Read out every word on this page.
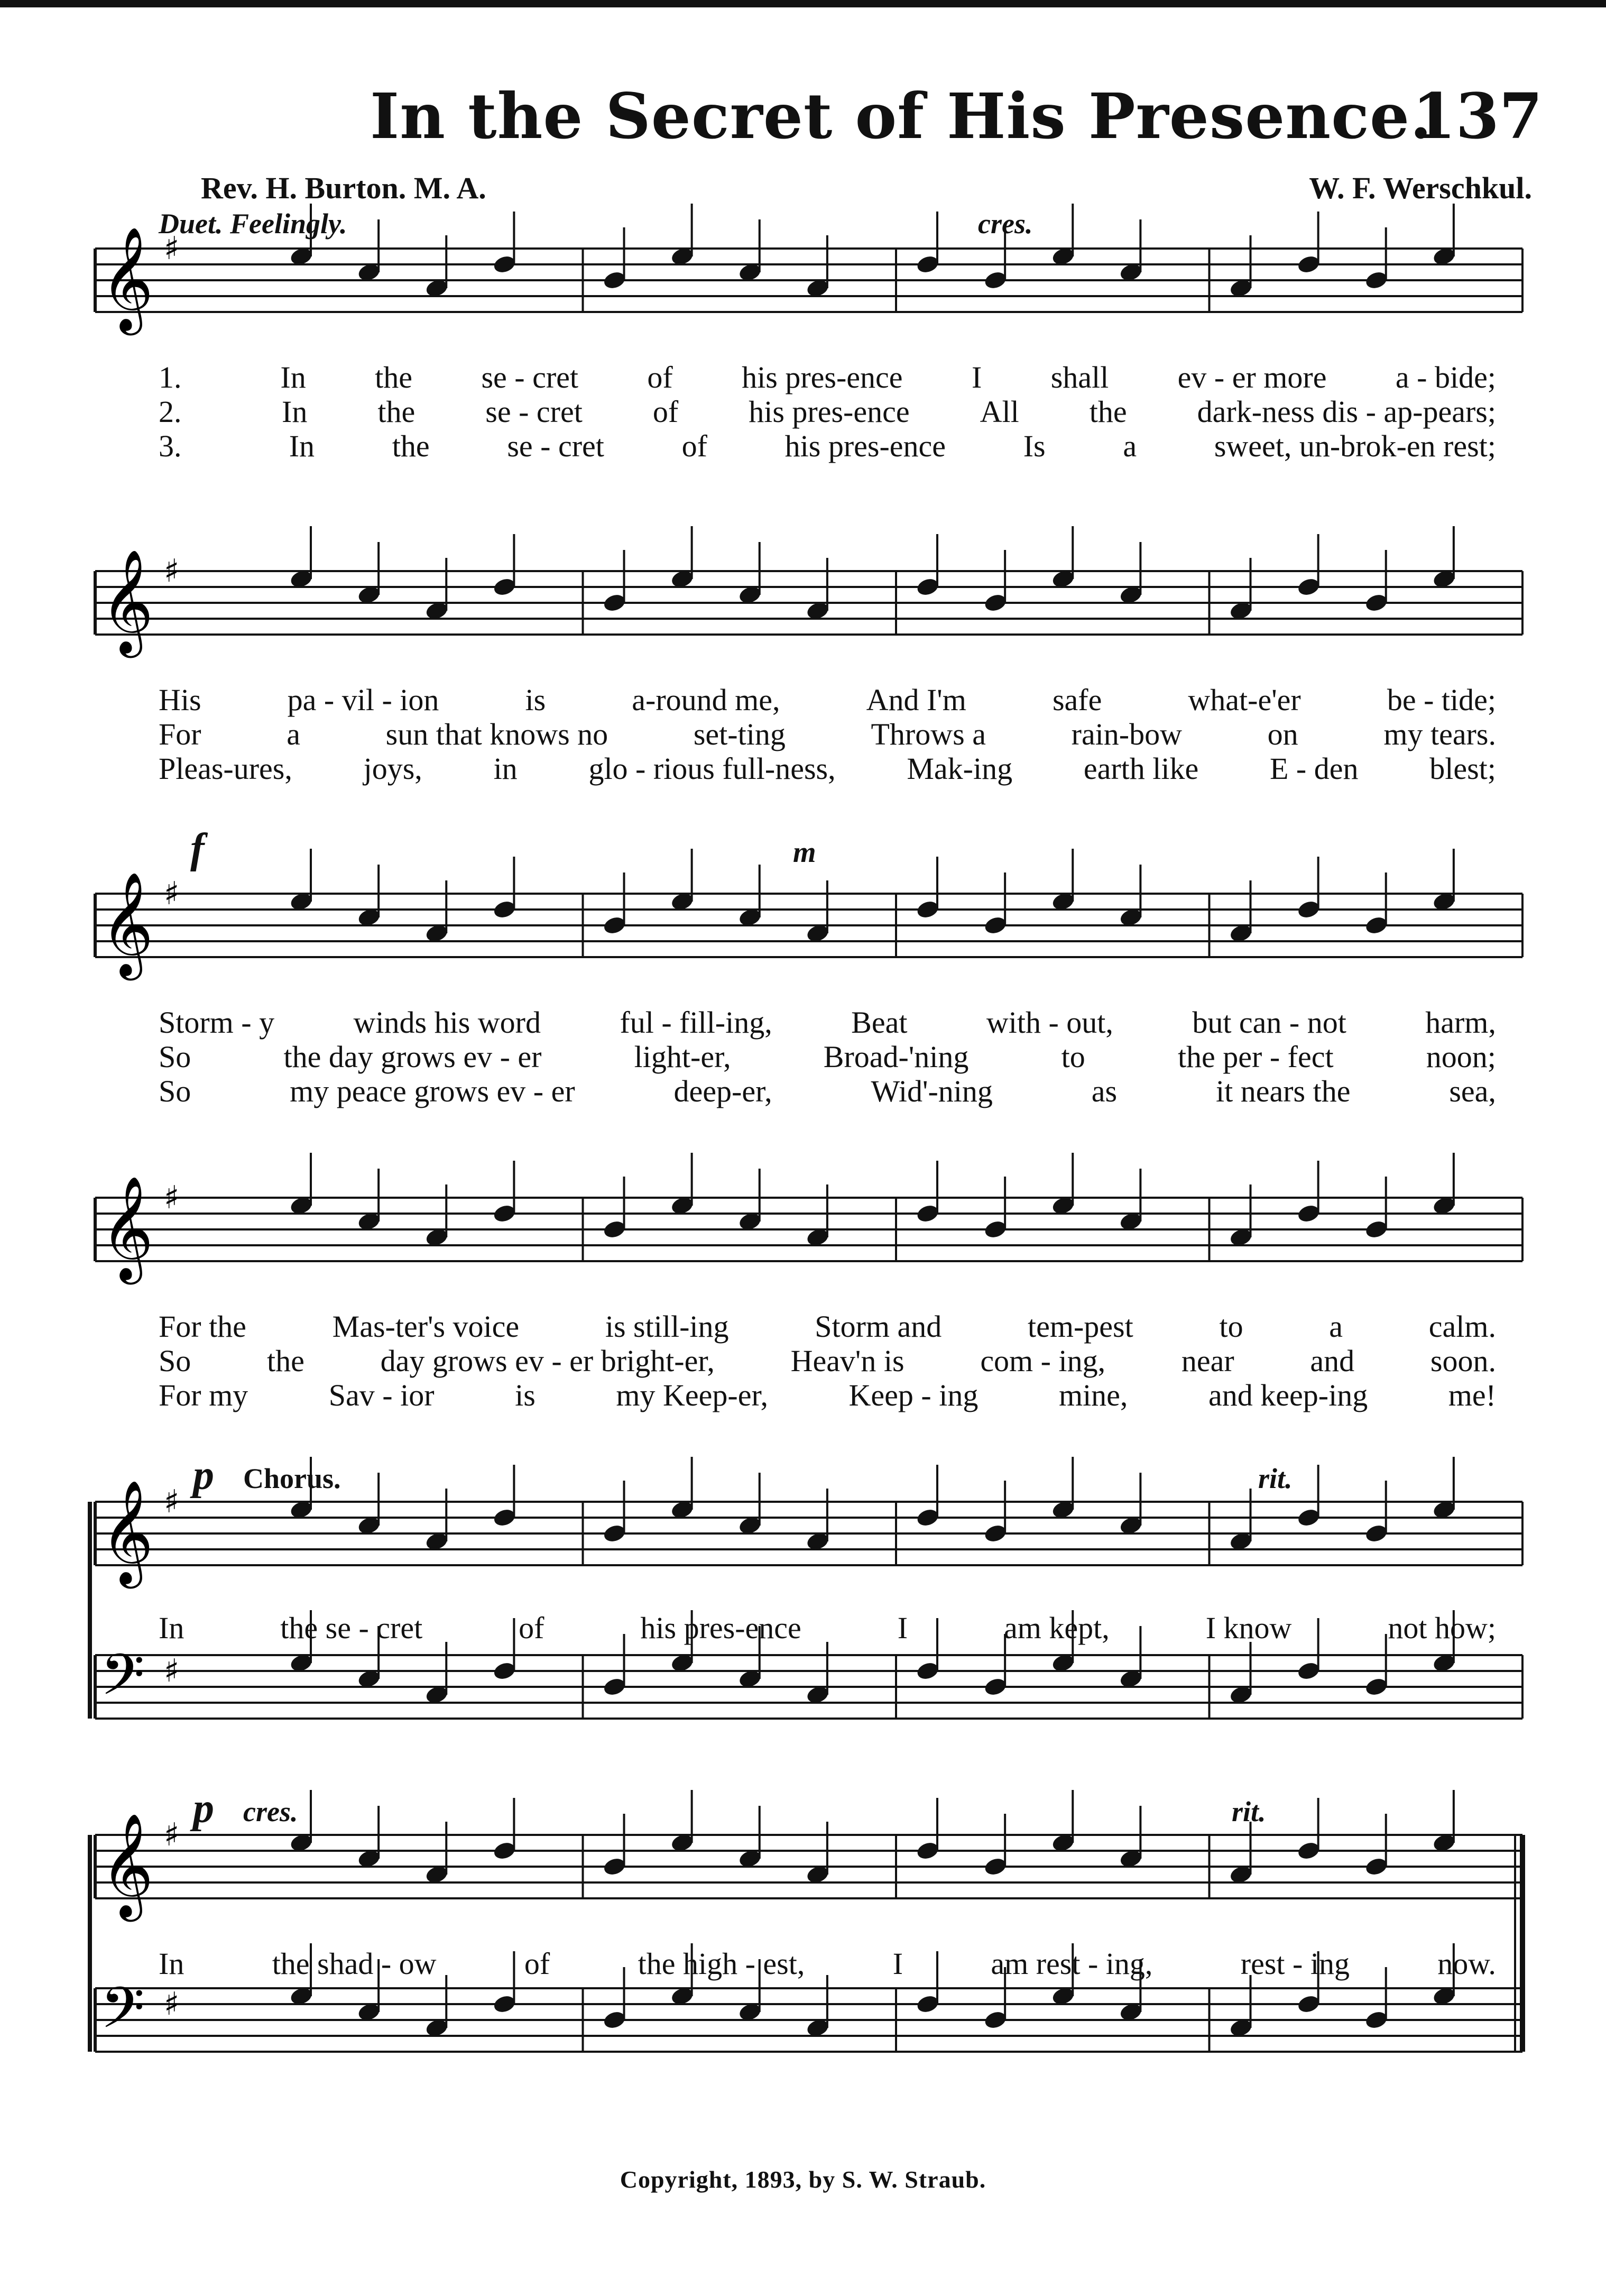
In the Secret of His Presence.
137
Rev. H. Burton. M. A.	W. F. Werschkul.
Duet. Feelingly.	cres.
f	m
p Chorus.	rit.
p cres.	rit.
𝄞 ♯
𝄞 ♯
𝄞 ♯
𝄞 ♯
𝄞 ♯
𝄞 ♯
𝄢 ♯
𝄢 ♯
1.	In the se - cret of his pres-ence I shall ev - er more a - bide;
2.	In the se - cret of his pres-ence All the dark-ness dis - ap-pears;
3.	In	the	se - cret	of	his pres-ence	Is	a	sweet, un-brok-en rest;
His	pa - vil - ion	is	a-round me,	And I'm	safe	what-e'er	be - tide;
For	a	sun that knows no	set-ting	Throws a	rain-bow	on	my tears.
Pleas-ures, joys, in glo - rious full-ness, Mak-ing earth like E - den blest;
Storm - y	winds his word	ful - fill-ing,	Beat	with - out,	but can - not	harm,
So	the day grows ev - er	light-er,	Broad-'ning	to	the per - fect	noon;
So	my peace grows ev - er	deep-er,	Wid'-ning	as	it nears the	sea,
For the	Mas-ter's voice	is still-ing	Storm and	tem-pest	to	a	calm.
So the day grows ev - er bright-er, Heav'n is com - ing, near and soon.
For my	Sav - ior	is	my Keep-er,	Keep - ing	mine,	and keep-ing	me!
In	the se - cret	of	his pres-ence	I	am kept,	I know	not how;
In	the shad - ow	of	the high - est,	I	am rest - ing,	rest - ing	now.
Copyright, 1893, by S. W. Straub.
